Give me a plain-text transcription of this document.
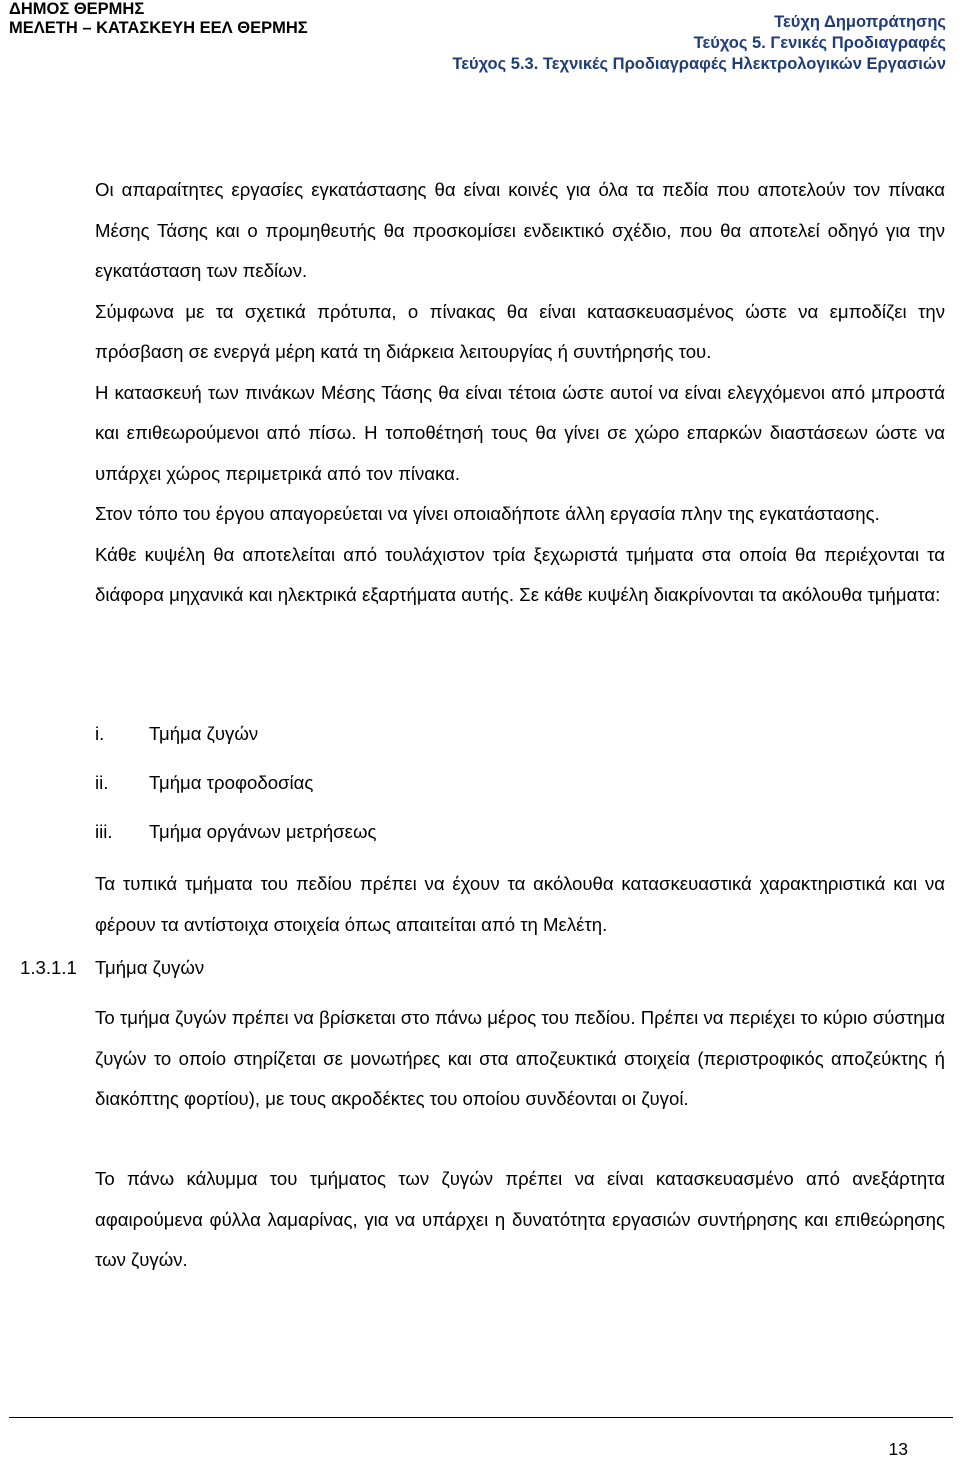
ΔΗΜΟΣ ΘΕΡΜΗΣ
ΜΕΛΕΤΗ – ΚΑΤΑΣΚΕΥΗ ΕΕΛ ΘΕΡΜΗΣ	Τεύχη Δημοπράτησης
Τεύχος 5. Γενικές Προδιαγραφές
Τεύχος 5.3. Τεχνικές Προδιαγραφές Ηλεκτρολογικών Εργασιών

Οι απαραίτητες εργασίες εγκατάστασης θα είναι κοινές για όλα τα πεδία που αποτελούν τον πίνακα Μέσης Τάσης και ο προμηθευτής θα προσκομίσει ενδεικτικό σχέδιο, που θα αποτελεί οδηγό για την εγκατάσταση των πεδίων.

Σύμφωνα με τα σχετικά πρότυπα, ο πίνακας θα είναι κατασκευασμένος ώστε να εμποδίζει την πρόσβαση σε ενεργά μέρη κατά τη διάρκεια λειτουργίας ή συντήρησής του.

Η κατασκευή των πινάκων Μέσης Τάσης θα είναι τέτοια ώστε αυτοί να είναι ελεγχόμενοι από μπροστά και επιθεωρούμενοι από πίσω. Η τοποθέτησή τους θα γίνει σε χώρο επαρκών διαστάσεων ώστε να υπάρχει χώρος περιμετρικά από τον πίνακα.

Στον τόπο του έργου απαγορεύεται να γίνει οποιαδήποτε άλλη εργασία πλην της εγκατάστασης.

Κάθε κυψέλη θα αποτελείται από τουλάχιστον τρία ξεχωριστά τμήματα στα οποία θα περιέχονται τα διάφορα μηχανικά και ηλεκτρικά εξαρτήματα αυτής. Σε κάθε κυψέλη διακρίνονται τα ακόλουθα τμήματα:

i. Τμήμα ζυγών
ii. Τμήμα τροφοδοσίας
iii. Τμήμα οργάνων μετρήσεως

Τα τυπικά τμήματα του πεδίου πρέπει να έχουν τα ακόλουθα κατασκευαστικά χαρακτηριστικά και να φέρουν τα αντίστοιχα στοιχεία όπως απαιτείται από τη Μελέτη.

1.3.1.1 Τμήμα ζυγών

Το τμήμα ζυγών πρέπει να βρίσκεται στο πάνω μέρος του πεδίου. Πρέπει να περιέχει το κύριο σύστημα ζυγών το οποίο στηρίζεται σε μονωτήρες και στα αποζευκτικά στοιχεία (περιστροφικός αποζεύκτης ή διακόπτης φορτίου), με τους ακροδέκτες του οποίου συνδέονται οι ζυγοί.

Το πάνω κάλυμμα του τμήματος των ζυγών πρέπει να είναι κατασκευασμένο από ανεξάρτητα αφαιρούμενα φύλλα λαμαρίνας, για να υπάρχει η δυνατότητα εργασιών συντήρησης και επιθεώρησης των ζυγών.

13
